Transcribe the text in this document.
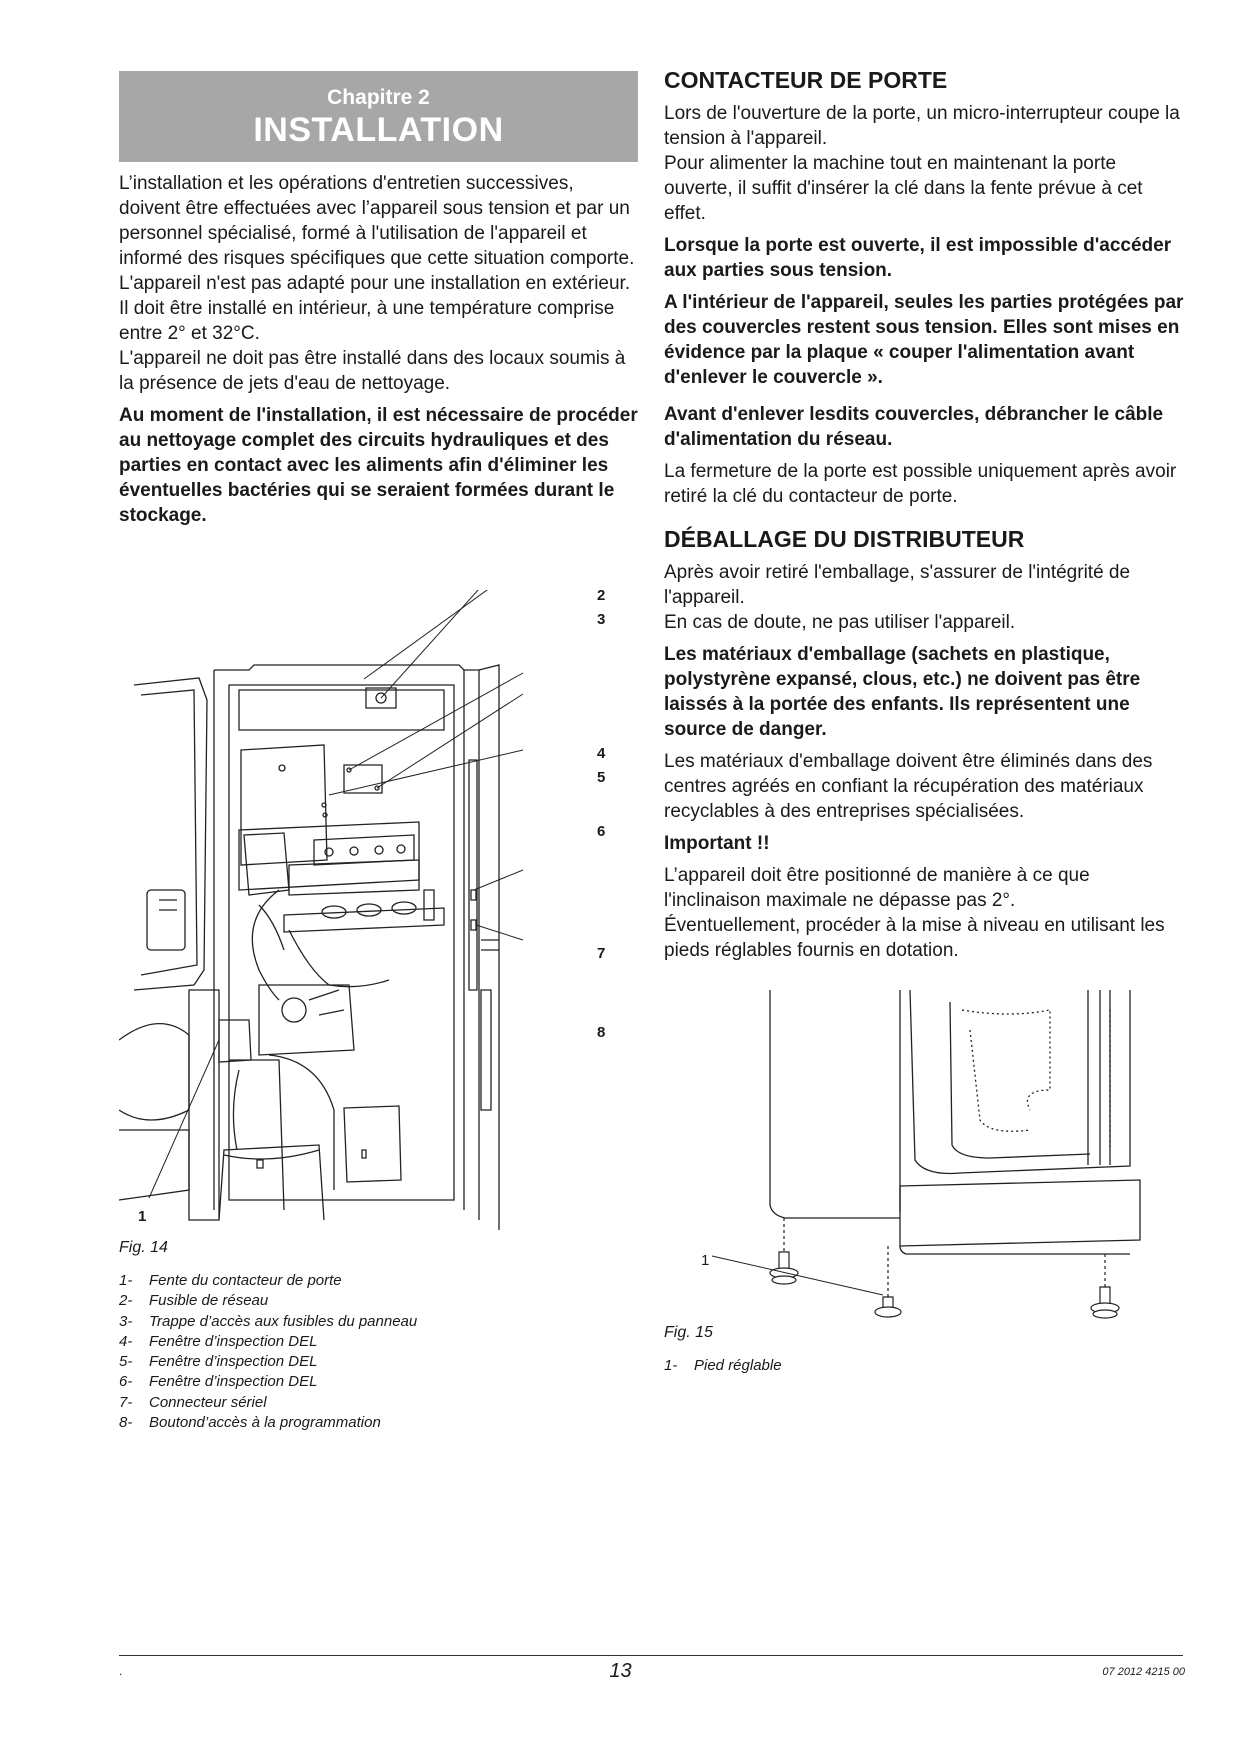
Chapitre 2
INSTALLATION

L’installation et les opérations d'entretien successives, doivent être effectuées avec l’appareil sous tension et par un personnel spécialisé, formé à l'utilisation de l'appareil et informé des risques spécifiques que cette situation comporte.

L'appareil n'est pas adapté pour une installation en extérieur. Il doit être installé en intérieur, à une température comprise entre 2° et 32°C.

L'appareil ne doit pas être installé dans des locaux soumis à la présence de jets d'eau de nettoyage.

Au moment de l'installation, il est nécessaire de procéder au nettoyage complet des circuits hydrauliques et des parties en contact avec les aliments afin d'éliminer les éventuelles bactéries qui se seraient formées durant le stockage.

2
3
4
5
6
7
8
1
Fig. 14
1-	Fente du contacteur de porte
2-	Fusible de réseau
3-	Trappe d’accès aux fusibles du panneau
4-	Fenêtre d’inspection DEL
5-	Fenêtre d’inspection DEL
6-	Fenêtre d’inspection DEL
7-	Connecteur sériel
8-	Boutond’accès à la programmation
CONTACTEUR DE PORTE

Lors de l'ouverture de la porte, un micro-interrupteur coupe la tension à l'appareil.

Pour alimenter la machine tout en maintenant la porte ouverte, il suffit d'insérer la clé dans la fente prévue à cet effet.

Lorsque la porte est ouverte, il est impossible d'accéder aux parties sous tension.

A l'intérieur de l'appareil, seules les parties protégées par des couvercles restent sous tension. Elles sont mises en évidence par la plaque « couper l'alimentation avant d'enlever le couvercle ».

Avant d'enlever lesdits couvercles, débrancher le câble d'alimentation du réseau.

La fermeture de la porte est possible uniquement après avoir retiré la clé du contacteur de porte.

DÉBALLAGE DU DISTRIBUTEUR

Après avoir retiré l'emballage, s'assurer de l'intégrité de l'appareil.

En cas de doute, ne pas utiliser l'appareil.

Les matériaux d'emballage (sachets en plastique, polystyrène expansé, clous, etc.) ne doivent pas être laissés à la portée des enfants. Ils représentent une source de danger.

Les matériaux d'emballage doivent être éliminés dans des centres agréés en confiant la récupération des matériaux recyclables à des entreprises spécialisées.

Important !!

L’appareil doit être positionné de manière à ce que l'inclinaison maximale ne dépasse pas 2°.

Éventuellement, procéder à la mise à niveau en utilisant les pieds réglables fournis en dotation.

1
Fig. 15
1-	Pied réglable
.	13	07 2012 4215 00
